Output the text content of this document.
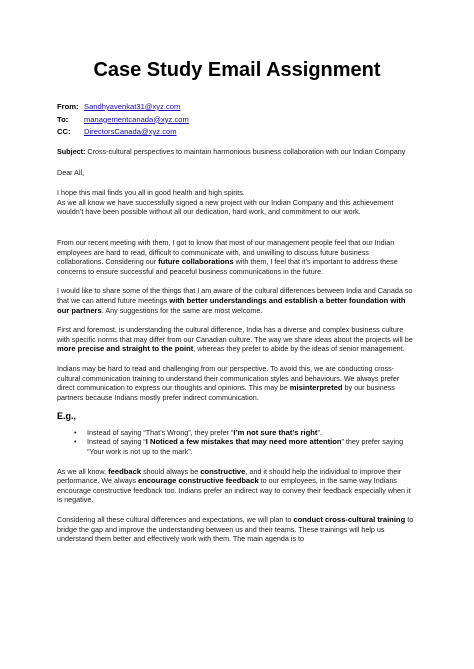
Case Study Email Assignment
From: Sandhyavenkat31@xyz.com
To:	managementcanada@xyz.com
CC:	DirectorsCanada@xyz.com

Subject: Cross-cultural perspectives to maintain harmonious business collaboration with our Indian Company

Dear All,

I hope this mail finds you all in good health and high spirits.

As we all know we have successfully signed a new project with our Indian Company and this achievement wouldn’t have been possible without all our dedication, hard work, and commitment to our work.

From our recent meeting with them, I got to know that most of our management people feel that our Indian employees are hard to read, difficult to communicate with, and unwilling to discuss future business collaborations. Considering our future collaborations with them, I feel that it’s important to address these concerns to ensure successful and peaceful business communications in the future.

I would like to share some of the things that I am aware of the cultural differences between India and Canada so that we can attend future meetings with better understandings and establish a better foundation with our partners. Any suggestions for the same are most welcome.

First and foremost, is understanding the cultural difference, India has a diverse and complex business culture with specific norms that may differ from our Canadian culture. The way we share ideas about the projects will be more precise and straight to the point, whereas they prefer to abide by the ideas of senior management.

Indians may be hard to read and challenging from our perspective. To avoid this, we are conducting cross-cultural communication training to understand their communication styles and behaviours. We always prefer direct communication to express our thoughts and opinions. This may be misinterpreted by our business partners because Indians mostly prefer indirect communication.

E.g.,

• Instead of saying “That’s Wrong”, they prefer “I’m not sure that’s right”.
• Instead of saying “I Noticed a few mistakes that may need more attention” they prefer saying “Your work is not up to the mark”.

As we all know, feedback should always be constructive, and it should help the individual to improve their performance. We always encourage constructive feedback to our employees, in the same way Indians encourage constructive feedback too. Indians prefer an indirect way to convey their feedback especially when it is negative.

Considering all these cultural differences and expectations, we will plan to conduct cross-cultural training to bridge the gap and improve the understanding between us and their teams. These trainings will help us understand them better and effectively work with them. The main agenda is to
